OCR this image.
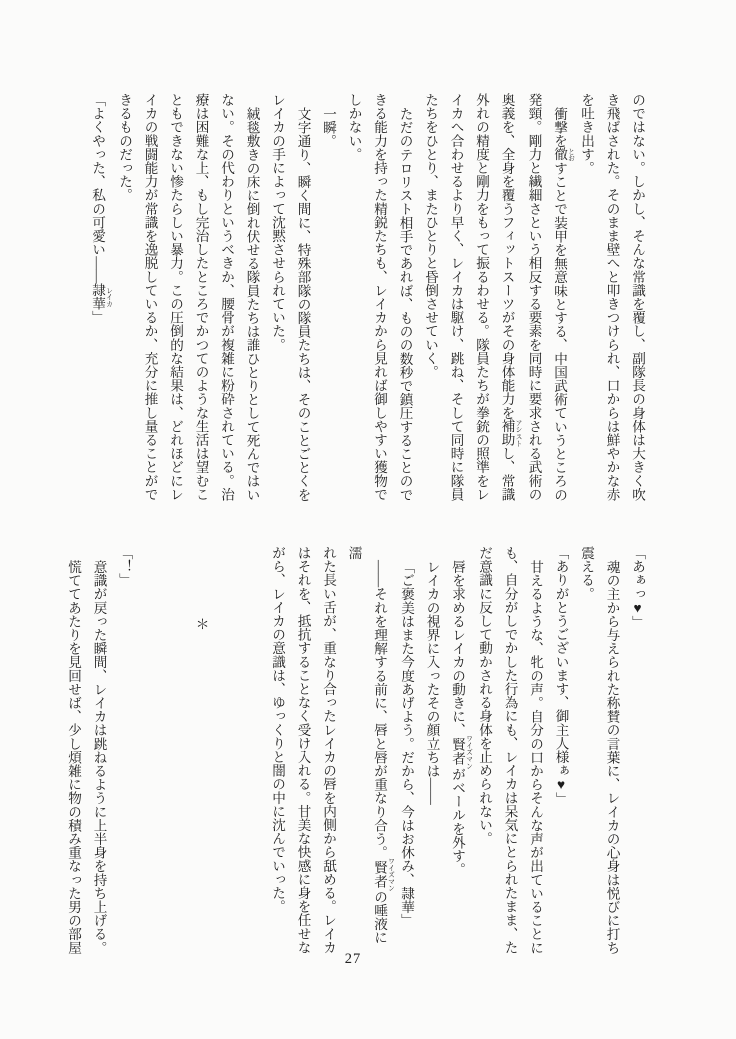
のではない。しかし、そんな常識を覆し、副隊長の身体は大きく吹

き飛ばされた。そのまま壁へと叩きつけられ、口からは鮮やかな赤

を吐き出す。

衝撃を徹 とおすことで装甲を無意味とする、中国武術ていうところの

発頸。剛力と繊細さという相反する要素を同時に要求される武術の

奥義を、全身を覆うフィットスーツがその身体能力を補助 アシストし、常識

外れの精度と剛力をもって振るわせる。隊員たちが拳銃の照準をレ

イカへ合わせるより早く、レイカは駆け、跳ね、そして同時に隊員

たちをひとり、またひとりと昏倒させていく。

ただのテロリスト相手であれば、ものの数秒で鎮圧することので

きる能力を持った精鋭たちも、レイカから見れば御しやすい獲物で

しかない。

一瞬。

文字通り、瞬く間に、特殊部隊の隊員たちは、そのことごとくを

レイカの手によって沈黙させられていた。

絨毯敷きの床に倒れ伏せる隊員たちは誰ひとりとして死んではい

ない。その代わりというべきか、腰骨が複雑に粉砕されている。治

療は困難な上、もし完治したところでかつてのような生活は望むこ

ともできない惨たらしい暴力。この圧倒的な結果は、どれほどにレ

イカの戦闘能力が常識を逸脱しているか、充分に推し量ることがで

きるものだった。

「よくやった、私の可愛い――隷華 レイカ」

「あぁっ♥」

魂の主から与えられた称賛の言葉に、レイカの心身は悦びに打ち

震える。

「ありがとうございます、御主人様ぁ♥」

甘えるような、牝の声。自分の口からそんな声が出ていることに

も、自分がしでかした行為にも、レイカは呆気にとられたまま、た

だ意識に反して動かされる身体を止められない。

唇を求めるレイカの動きに、賢者 ワイズマンがベールを外す。

レイカの視界に入ったその顔立ちは――

「ご褒美はまた今度あげよう。だから、今はお休み、隷華」

――それを理解する前に、唇と唇が重なり合う。賢者 ワイズマンの唾液に濡

れた長い舌が、重なり合ったレイカの唇を内側から舐める。レイカ

はそれを、抵抗することなく受け入れる。甘美な快感に身を任せな

がら、レイカの意識は、ゆっくりと闇の中に沈んでいった。

＊

「！」

意識が戻った瞬間、レイカは跳ねるように上半身を持ち上げる。

慌ててあたりを見回せば、少し煩雑に物の積み重なった男の部屋

27
